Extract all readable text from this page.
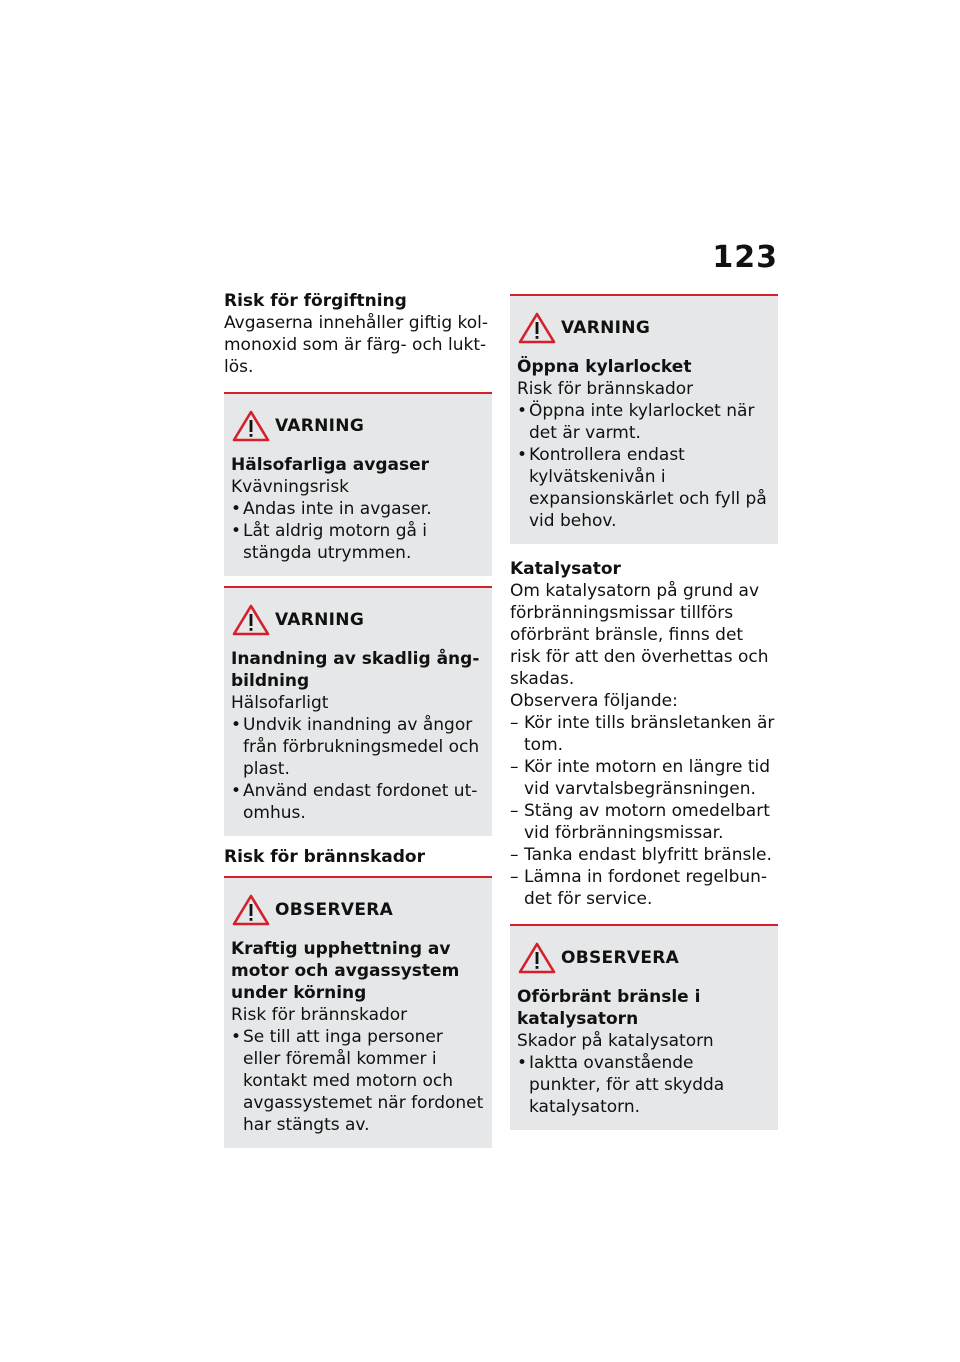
123
Risk för förgiftning
Avgaserna innehåller giftig kolmonoxid som är färg- och luktlös.
VARNING
Hälsofarliga avgaser
Kvävningsrisk
• Andas inte in avgaser.
• Låt aldrig motorn gå i stängda utrymmen.
VARNING
Inandning av skadlig ångbildning
Hälsofarligt
• Undvik inandning av ångor från förbrukningsmedel och plast.
• Använd endast fordonet utomhus.
Risk för brännskador
OBSERVERA
Kraftig upphettning av motor och avgassystem under körning
Risk för brännskador
• Se till att inga personer eller föremål kommer i kontakt med motorn och avgassystemet när fordonet har stängts av.
VARNING
Öppna kylarlocket
Risk för brännskador
• Öppna inte kylarlocket när det är varmt.
• Kontrollera endast kylvätskenivån i expansionskärlet och fyll på vid behov.
Katalysator
Om katalysatorn på grund av förbränningsmissar tillförs oförbränt bränsle, finns det risk för att den överhettas och skadas.
Observera följande:
– Kör inte tills bränsletanken är tom.
– Kör inte motorn en längre tid vid varvtalsbegränsningen.
– Stäng av motorn omedelbart vid förbränningsmissar.
– Tanka endast blyfritt bränsle.
– Lämna in fordonet regelbundet för service.
OBSERVERA
Oförbränt bränsle i katalysatorn
Skador på katalysatorn
• Iaktta ovanstående punkter, för att skydda katalysatorn.
